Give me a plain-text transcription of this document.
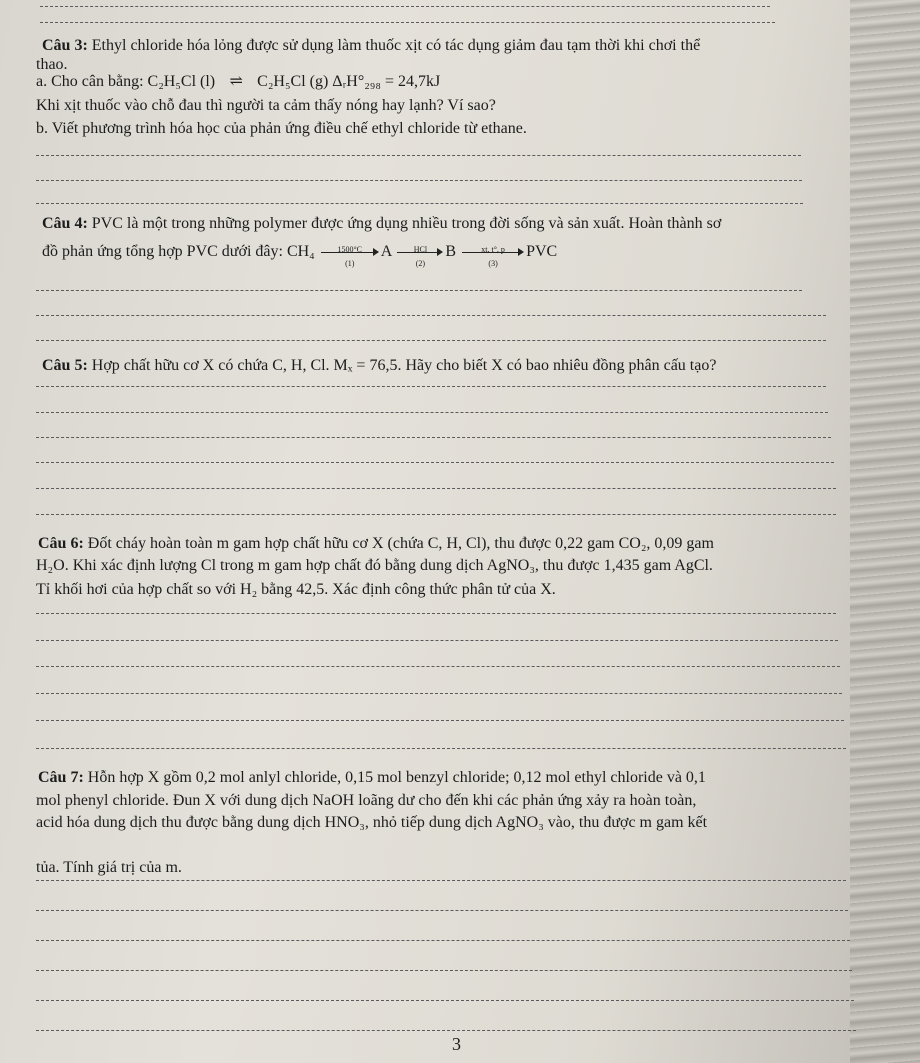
Câu 3: Ethyl chloride hóa lỏng được sử dụng làm thuốc xịt có tác dụng giảm đau tạm thời khi chơi thể
thao.
a. Cho cân bằng: C₂H₅Cl (l) ⇌ C₂H₅Cl (g) ΔᵣH°₂₉₈ = 24,7kJ
Khi xịt thuốc vào chỗ đau thì người ta cảm thấy nóng hay lạnh? Ví sao?
b. Viết phương trình hóa học của phản ứng điều chế ethyl chloride từ ethane.
Câu 4: PVC là một trong những polymer được ứng dụng nhiều trong đời sống và sản xuất. Hoàn thành sơ
đồ phản ứng tổng hợp PVC dưới đây: CH₄	1500°C
(1)
A	HCl
(2)
B	xt, t°, p
(3)
PVC
Câu 5: Hợp chất hữu cơ X có chứa C, H, Cl. Mₓ = 76,5. Hãy cho biết X có bao nhiêu đồng phân cấu tạo?
Câu 6: Đốt cháy hoàn toàn m gam hợp chất hữu cơ X (chứa C, H, Cl), thu được 0,22 gam CO₂, 0,09 gam
H₂O. Khi xác định lượng Cl trong m gam hợp chất đó bằng dung dịch AgNO₃, thu được 1,435 gam AgCl.
Tỉ khối hơi của hợp chất so với H₂ bằng 42,5. Xác định công thức phân tử của X.
Câu 7: Hỗn hợp X gồm 0,2 mol anlyl chloride, 0,15 mol benzyl chloride; 0,12 mol ethyl chloride và 0,1
mol phenyl chloride. Đun X với dung dịch NaOH loãng dư cho đến khi các phản ứng xảy ra hoàn toàn,
acid hóa dung dịch thu được bằng dung dịch HNO₃, nhỏ tiếp dung dịch AgNO₃ vào, thu được m gam kết
tủa. Tính giá trị của m.
3
